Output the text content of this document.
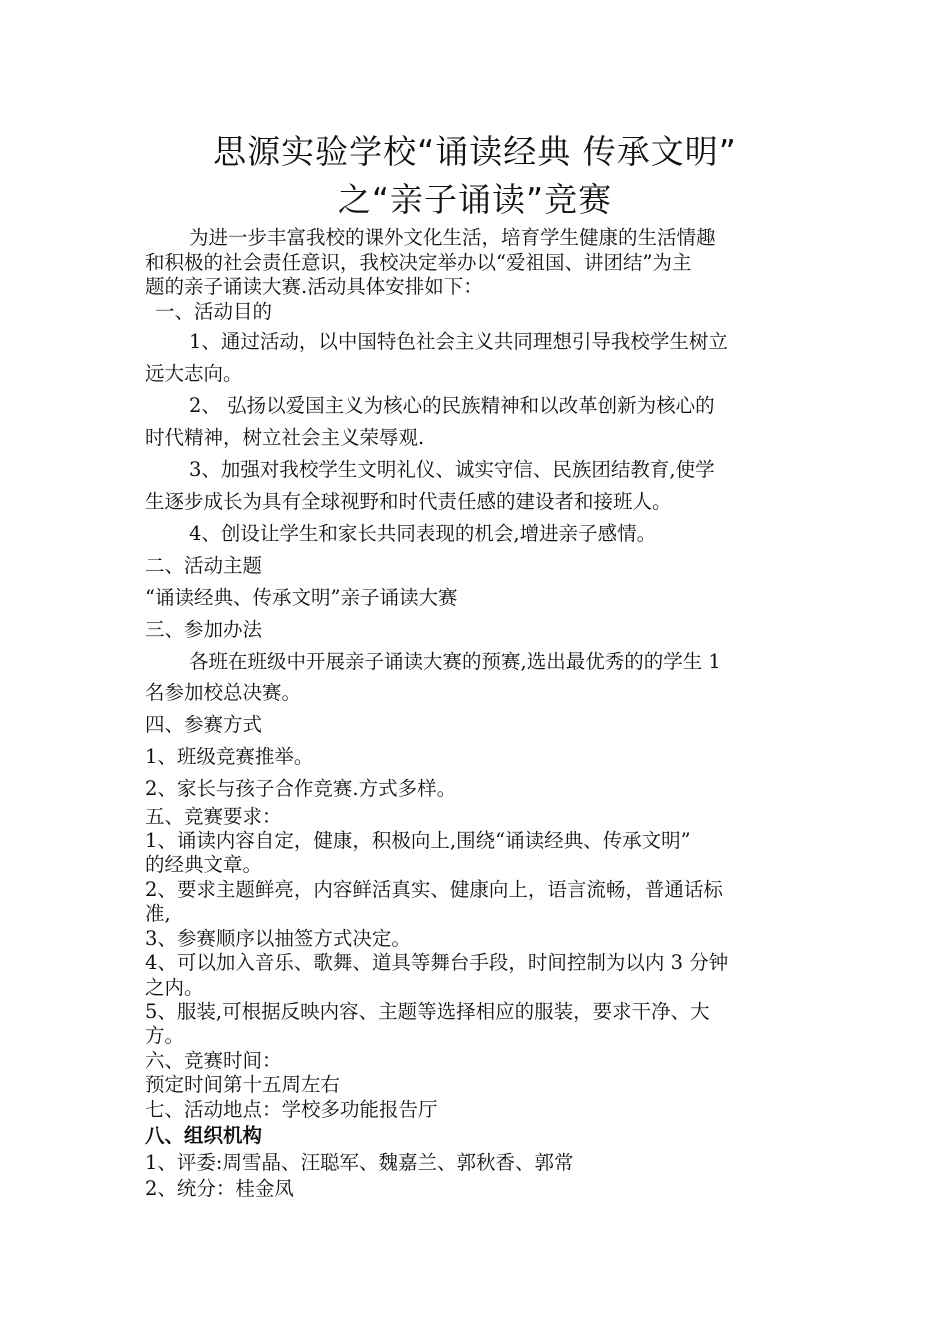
思源实验学校“诵读经典 传承文明”
之“亲子诵读”竞赛
为进一步丰富我校的课外文化生活，培育学生健康的生活情趣
和积极的社会责任意识，我校决定举办以“爱祖国、讲团结”为主
题的亲子诵读大赛.活动具体安排如下：
一、活动目的
1、通过活动，以中国特色社会主义共同理想引导我校学生树立
远大志向。
2、 弘扬以爱国主义为核心的民族精神和以改革创新为核心的
时代精神，树立社会主义荣辱观.
3、加强对我校学生文明礼仪、诚实守信、民族团结教育,使学
生逐步成长为具有全球视野和时代责任感的建设者和接班人。
4、创设让学生和家长共同表现的机会,增进亲子感情。
二、活动主题
“诵读经典、传承文明”亲子诵读大赛
三、参加办法
各班在班级中开展亲子诵读大赛的预赛,选出最优秀的的学生 1
名参加校总决赛。
四、参赛方式
1、班级竞赛推举。
2、家长与孩子合作竞赛.方式多样。
五、竞赛要求：
1、诵读内容自定，健康，积极向上,围绕“诵读经典、传承文明”
的经典文章。
2、要求主题鲜亮，内容鲜活真实、健康向上，语言流畅，普通话标
准,
3、参赛顺序以抽签方式决定。
4、可以加入音乐、歌舞、道具等舞台手段，时间控制为以内 3 分钟
之内。
5、服装,可根据反映内容、主题等选择相应的服装，要求干净、大
方。
六、竞赛时间：
预定时间第十五周左右
七、活动地点：学校多功能报告厅
八、组织机构
1、评委:周雪晶、汪聪军、魏嘉兰、郭秋香、郭常
2、统分：桂金凤
